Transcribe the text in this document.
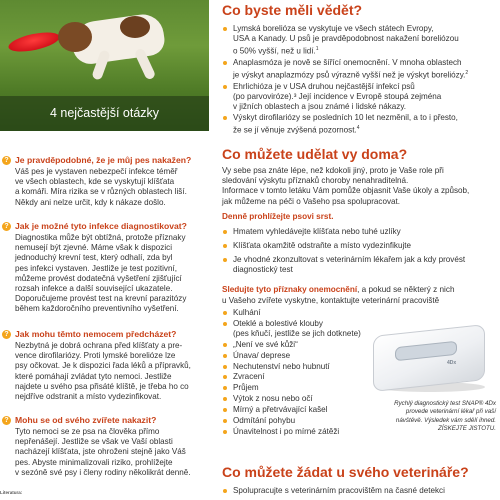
4 nejčastější otázky
? Je pravděpodobné, že je můj pes nakažen?
Váš pes je vystaven nebezpečí infekce téměř
ve všech oblastech, kde se vyskytují klíšťata
a komáři. Míra rizika se v různých oblastech liší.
Někdy ani nelze určit, kdy k nákaze došlo.
? Jak je možné tyto infekce diagnostikovat?
Diagnostika může být obtížná, protože příznaky
nemusejí být zjevné. Máme však k dispozici
jednoduchý krevní test, který odhalí, zda byl
pes infekci vystaven. Jestliže je test pozitivní,
můžeme provést dodatečná vyšetření zjišťující
rozsah infekce a další související ukazatele.
Doporučujeme provést test na krevní parazitózy
během každoročního preventivního vyšetření.
? Jak mohu těmto nemocem předcházet?
Nezbytná je dobrá ochrana před klíšťaty a pre-
vence dirofilariózy. Proti lymské borelióze lze
psy očkovat. Je k dispozici řada léků a přípravků,
které pomáhají zvládat tyto nemoci. Jestliže
najdete u svého psa přisáté klíště, je třeba ho co
nejdříve odstranit a místo vydezinfikovat.
? Mohu se od svého zvířete nakazit?
Tyto nemoci se ze psa na člověka přímo
nepřenášejí. Jestliže se však ve Vaší oblasti
nacházejí klíšťata, jste ohroženi stejně jako Váš
pes. Abyste minimalizovali riziko, prohlížejte
v sezóně své psy i členy rodiny několikrát denně.
Literatura:
Co byste měli vědět?
Lymská borelióza se vyskytuje ve všech státech Evropy,
USA a Kanady. U psů je pravděpodobnost nakažení boreliózou
o 50% vyšší, než u lidí.$^1$
Anaplasmóza je nově se šířící onemocnění. V mnoha oblastech
je výskyt anaplazmózy psů výrazně vyšší než je výskyt boreliózy.$^2$
Ehrlichióza je v USA druhou nejčastější infekcí psů
(po parvoviróze).³ Její incidence v Evropě stoupá zejména
v jižních oblastech a jsou známé i lidské nákazy.
Výskyt dirofilariózy se posledních 10 let nezměnil, a to i přesto,
že se jí věnuje zvýšená pozornost.$^4$
Co můžete udělat vy doma?
Vy sebe psa znáte lépe, než kdokoli jiný, proto je Vaše role při
sledování výskytu příznaků choroby nenahraditelná.
Informace v tomto letáku Vám pomůže objasnit Vaše úkoly a způsob,
jak můžeme na péči o Vašeho psa spolupracovat.
Denně prohlížejte psovi srst.
Hmatem vyhledávejte klíšťata nebo tuhé uzlíky
Klíšťata okamžitě odstraňte a místo vydezinfikujte
Je vhodné zkonzultovat s veterinárním lékařem jak a kdy provést
diagnostický test
Sledujte tyto příznaky onemocnění, a pokud se některý z nich
u Vašeho zvířete vyskytne, kontaktujte veterinární pracoviště
Kulhání
Oteklé a bolestivé klouby
(pes kňučí, jestliže se jich dotknete)
„Není ve své kůži“
Únava/ deprese
Nechutenství nebo hubnutí
Zvracení
Průjem
Výtok z nosu nebo očí
Mírný a přetrvávající kašel
Odmítání pohybu
Únavitelnost i po mírné zátěži
4Dx
Rychlý diagnostický test SNAP® 4Dx
provede veterinární lékař při vaší
návštěvě. Výsledek vám sdělí ihned.
ZÍSKEJTE JISTOTU.
Co můžete žádat u svého veterináře?
Spolupracujte s veterinárním pracovištěm na časné detekci
